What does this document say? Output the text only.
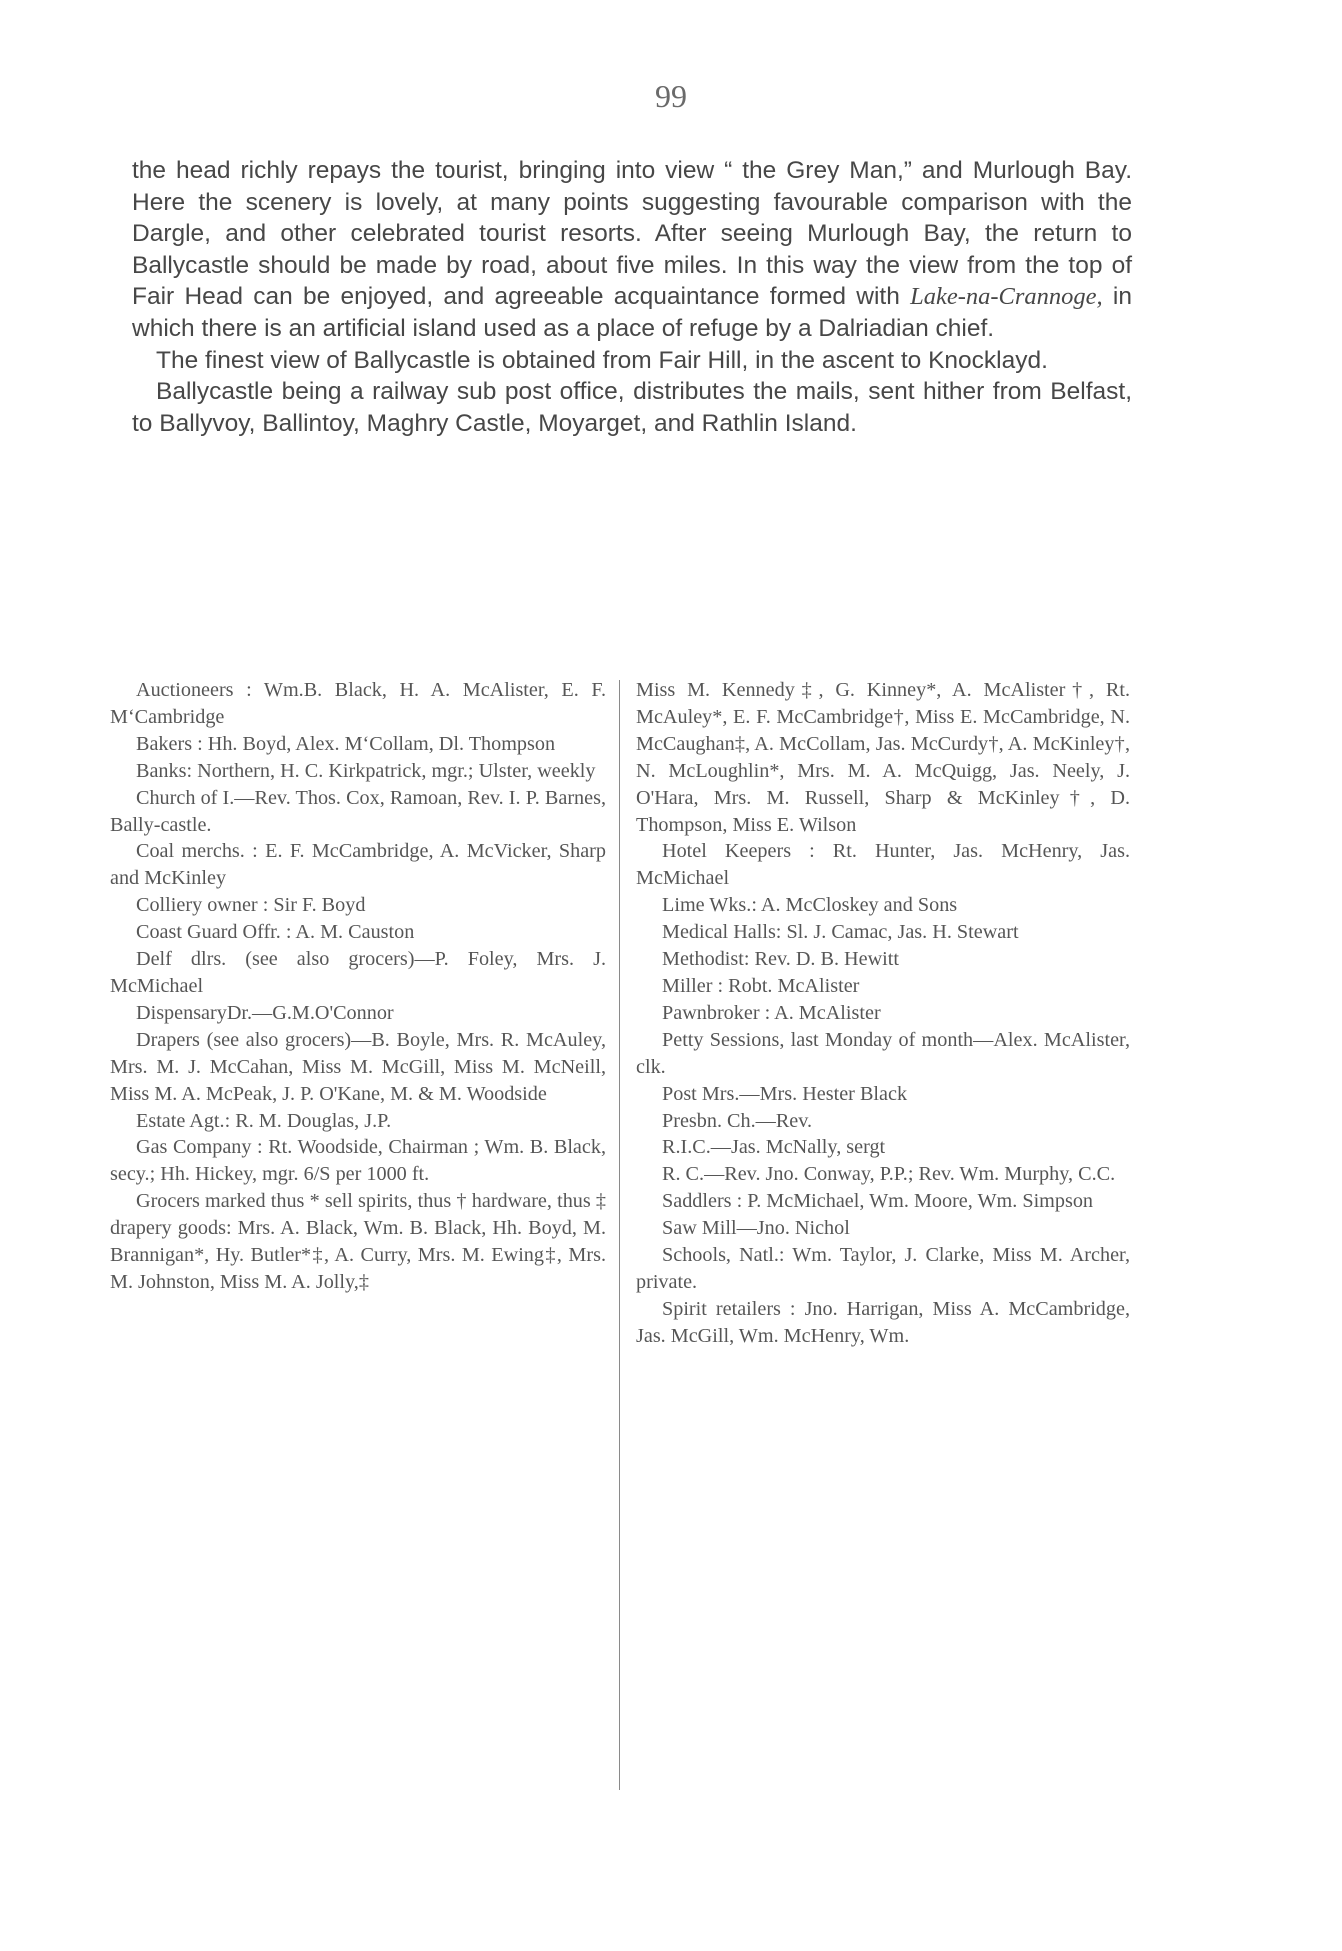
99

the head richly repays the tourist, bringing into view “ the Grey Man,” and Murlough Bay. Here the scenery is lovely, at many points suggesting favourable comparison with the Dargle, and other celebrated tourist resorts. After seeing Murlough Bay, the return to Ballycastle should be made by road, about five miles. In this way the view from the top of Fair Head can be enjoyed, and agreeable acquaintance formed with Lake-na-Crannoge, in which there is an artificial island used as a place of refuge by a Dalriadian chief.

The finest view of Ballycastle is obtained from Fair Hill, in the ascent to Knocklayd.

Ballycastle being a railway sub post office, distributes the mails, sent hither from Belfast, to Ballyvoy, Ballintoy, Maghry Castle, Moyarget, and Rathlin Island.

Auctioneers : Wm.B. Black, H. A. McAlister, E. F. M‘Cambridge

Bakers : Hh. Boyd, Alex. M‘Collam, Dl. Thompson

Banks: Northern, H. C. Kirkpatrick, mgr.; Ulster, weekly

Church of I.—Rev. Thos. Cox, Ramoan, Rev. I. P. Barnes, Bally-castle.

Coal merchs. : E. F. McCambridge, A. McVicker, Sharp and McKinley

Colliery owner : Sir F. Boyd

Coast Guard Offr. : A. M. Causton

Delf dlrs. (see also grocers)—P. Foley, Mrs. J. McMichael

DispensaryDr.—G.M.O'Connor

Drapers (see also grocers)—B. Boyle, Mrs. R. McAuley, Mrs. M. J. McCahan, Miss M. McGill, Miss M. McNeill, Miss M. A. McPeak, J. P. O'Kane, M. & M. Woodside

Estate Agt.: R. M. Douglas, J.P.

Gas Company : Rt. Woodside, Chairman ; Wm. B. Black, secy.; Hh. Hickey, mgr. 6/S per 1000 ft.

Grocers marked thus * sell spirits, thus † hardware, thus ‡ drapery goods: Mrs. A. Black, Wm. B. Black, Hh. Boyd, M. Brannigan*, Hy. Butler*‡, A. Curry, Mrs. M. Ewing‡, Mrs. M. Johnston, Miss M. A. Jolly,‡

Miss M. Kennedy‡, G. Kinney*, A. McAlister†, Rt. McAuley*, E. F. McCambridge†, Miss E. McCambridge, N. McCaughan‡, A. McCollam, Jas. McCurdy†, A. McKinley†, N. McLoughlin*, Mrs. M. A. McQuigg, Jas. Neely, J. O'Hara, Mrs. M. Russell, Sharp & McKinley†, D. Thompson, Miss E. Wilson

Hotel Keepers : Rt. Hunter, Jas. McHenry, Jas. McMichael

Lime Wks.: A. McCloskey and Sons

Medical Halls: Sl. J. Camac, Jas. H. Stewart

Methodist: Rev. D. B. Hewitt

Miller : Robt. McAlister

Pawnbroker : A. McAlister

Petty Sessions, last Monday of month—Alex. McAlister, clk.

Post Mrs.—Mrs. Hester Black

Presbn. Ch.—Rev.

R.I.C.—Jas. McNally, sergt

R. C.—Rev. Jno. Conway, P.P.; Rev. Wm. Murphy, C.C.

Saddlers : P. McMichael, Wm. Moore, Wm. Simpson

Saw Mill—Jno. Nichol

Schools, Natl.: Wm. Taylor, J. Clarke, Miss M. Archer, private.

Spirit retailers : Jno. Harrigan, Miss A. McCambridge, Jas. McGill, Wm. McHenry, Wm.
